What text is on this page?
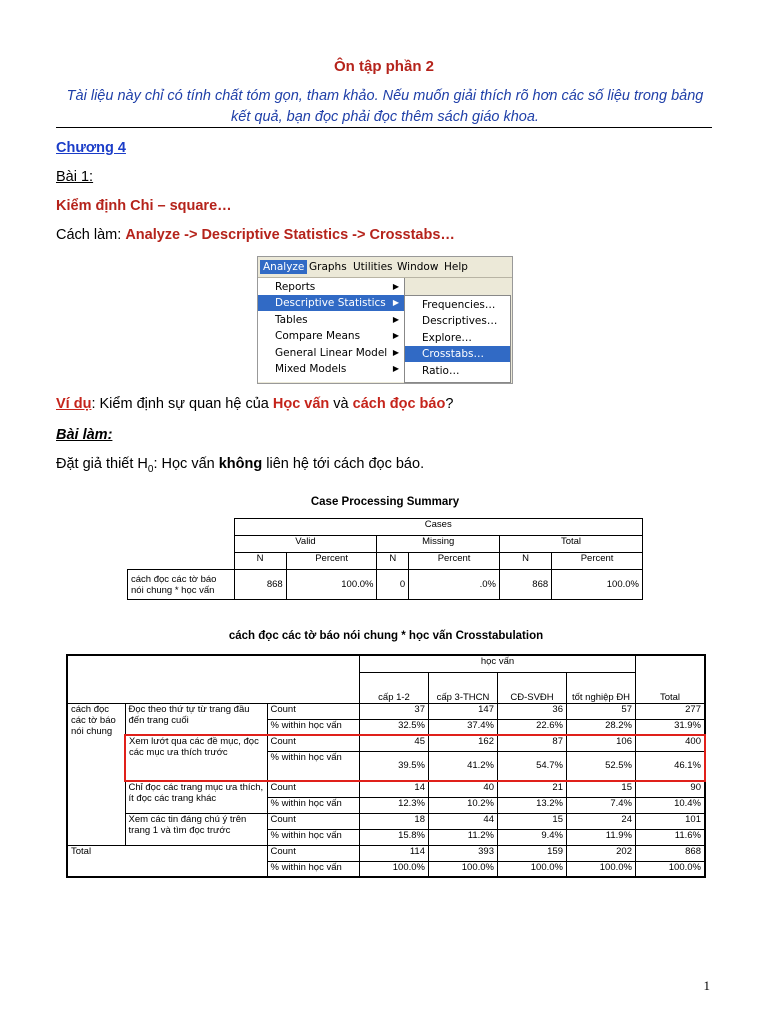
Ôn tập phần 2
Tài liệu này chỉ có tính chất tóm gọn, tham khảo. Nếu muốn giải thích rõ hơn các số liệu trong bảng kết quả, bạn đọc phải đọc thêm sách giáo khoa.
Chương 4
Bài 1:
Kiểm định Chi – square…
Cách làm: Analyze -> Descriptive Statistics -> Crosstabs…
Analyze Graphs Utilities Window Help
Reports	▶
Descriptive Statistics ▶
Tables	▶
Compare Means	▶
General Linear Model ▶
Mixed Models	▶
Frequencies…
Descriptives…
Explore…
Crosstabs…
Ratio…
Ví dụ: Kiểm định sự quan hệ của Học vấn và cách đọc báo?
Bài làm:
Đặt giả thiết $H_0$: Học vấn không liên hệ tới cách đọc báo.
Case Processing Summary
	Cases					
	Valid		Missing		Total	
	N	Percent	N	Percent	N	Percent
cách đọc các tờ báo nói chung * học vấn	868	100.0%	0	.0%	868	100.0%
cách đọc các tờ báo nói chung * học vấn Crosstabulation
			học vấn				Total
			cấp 1-2	cấp 3-THCN	CĐ-SVĐH	tốt nghiệp ĐH	
cách đọc các tờ báo nói chung	Đọc theo thứ tự từ trang đầu đến trang cuối	Count	37	147	36	57	277
		% within học vấn	32.5%	37.4%	22.6%	28.2%	31.9%
	Xem lướt qua các đề mục, đọc các mục ưa thích trước	Count	45	162	87	106	400
		% within học vấn	39.5%	41.2%	54.7%	52.5%	46.1%
	Chỉ đọc các trang mục ưa thích, ít đọc các trang khác	Count	14	40	21	15	90
		% within học vấn	12.3%	10.2%	13.2%	7.4%	10.4%
	Xem các tin đáng chú ý trên trang 1 và tìm đọc trước	Count	18	44	15	24	101
		% within học vấn	15.8%	11.2%	9.4%	11.9%	11.6%
Total		Count	114	393	159	202	868
		% within học vấn	100.0%	100.0%	100.0%	100.0%	100.0%
1
